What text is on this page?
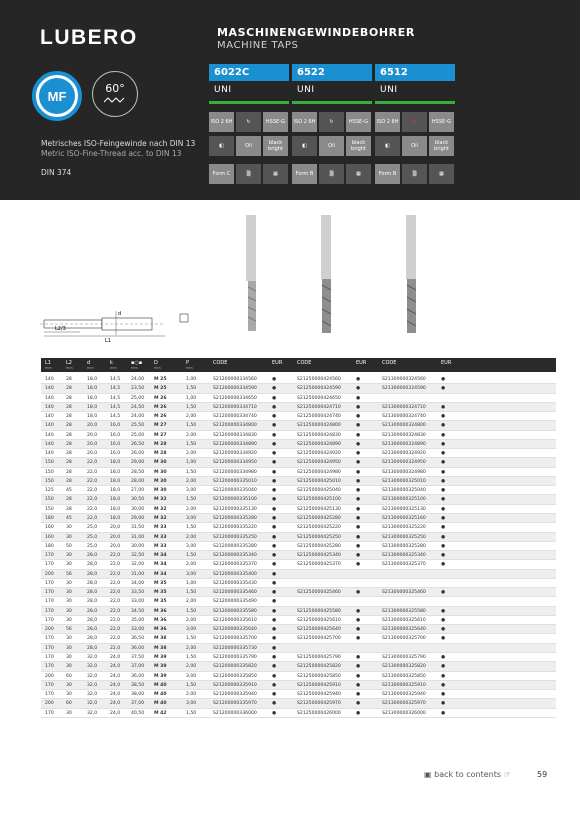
LUBERO	MASCHINENGEWINDEBOHRER
MACHINE TAPS
MF	60°
Metrisches ISO-Feingewinde nach DIN 13
Metric ISO-Fine-Thread acc. to DIN 13
DIN 374
6022C
UNI
6522
UNI
6512
UNI
ISO 2 6H	↻	HSSE-G	ISO 2 6H	↻	HSSE-G	ISO 2 6H	↻	HSSE-G
◧	Oil	black bright	◧	Oil	black bright	◧	Oil	black bright
Form C	▒	▦	Form B	▒	▦	Form B	▒	▦
L1
L2/3
d
L1	L2	d	k	▪○▪ D	P	CODE	EUR	CODE	EUR	CODE	EUR
mm	mm	mm	mm	mm	mm	mm
140	28	18,0	14,5 24,00 M 25	1,00	S21200000334560	●	S21250000424560	●	S21300000324560	●
140	28	18,0	14,5 23,50 M 25	1,50	S21200000334590	●	S21250000424590	●	S21300000324590	●
140	28	18,0	14,5 25,00 M 26	1,00	S21200000334650	●	S21250000424650	●
140	28	18,0	14,5 24,50 M 26	1,50	S21200000334710	●	S21250000424710	●	S21300000324710	●
140	28	18,0	14,5 24,00 M 26	2,00	S21200000334740	●	S21250000424740	●	S21300000324740	●
140	28	20,0	16,0 25,50 M 27	1,50	S21200000334800	●	S21250000424800	●	S21300000324800	●
140	28	20,0	16,0 25,00 M 27	2,00	S21200000334830	●	S21250000424830	●	S21300000324830	●
140	28	20,0	16,0 26,50 M 28	1,50	S21200000334890	●	S21250000424890	●	S21300000324890	●
140	28	20,0	16,0 26,00 M 28	2,00	S21200000334920	●	S21250000424920	●	S21300000324920	●
150	28	22,0	18,0 29,00 M 30	1,00	S21200000334950	●	S21250000424950	●	S21300000324950	●
150	28	22,0	18,0 28,50 M 30	1,50	S21200000334980	●	S21250000424980	●	S21300000324980	●
150	28	22,0	18,0 28,00 M 30	2,00	S21200000335010	●	S21250000425010	●	S21300000325010	●
125	45	22,0	18,0 27,00 M 30	3,00	S21200000335040	●	S21250000425040	●	S21300000325040	●
150	28	22,0	18,0 30,50 M 32	1,50	S21200000335100	●	S21250000425100	●	S21300000325100	●
150	28	22,0	18,0 30,00 M 32	2,00	S21200000335130	●	S21250000425130	●	S21300000325130	●
180	45	22,0	18,0 29,00 M 32	3,00	S21200000335280	●	S21250000425280	●	S21300000325160	●
160	30	25,0	20,0 31,50 M 33	1,50	S21200000335220	●	S21250000425220	●	S21300000325220	●
160	30	25,0	20,0 31,00 M 33	2,00	S21200000335250	●	S21250000425250	●	S21300000325250	●
180	50	25,0	20,0 30,00 M 33	3,00	S21200000335280	●	S21250000425280	●	S21300000325280	●
170	30	28,0	22,0 32,50 M 34	1,50	S21200000335340	●	S21250000425340	●	S21300000325340	●
170	30	28,0	22,0 32,00 M 34	2,00	S21200000335370	●	S21250000425370	●	S21300000325370	●
200	56	28,0	22,0 31,00 M 34	3,00	S21200000335400	●
170	30	28,0	22,0 34,00 M 35	1,00	S21200000335430	●
170	30	28,0	22,0 33,50 M 35	1,50	S21200000335460	●	S21250000425460	●	S21300000325460	●
170	30	28,0	22,0 33,00 M 35	2,00	S21200000335490	●
170	30	28,0	22,0 34,50 M 36	1,50	S21200000335580	●	S21250000425580	●	S21300000325580	●
170	30	28,0	22,0 35,00 M 36	2,00	S21200000335610	●	S21250000425610	●	S21300000325610	●
200	56	28,0	22,0 33,00 M 36	3,00	S21200000335640	●	S21250000425640	●	S21300000325640	●
170	30	28,0	22,0 36,50 M 38	1,50	S21200000335700	●	S21250000425700	●	S21300000325700	●
170	30	28,0	22,0 36,00 M 38	2,00	S21200000335730	●
170	30	32,0	24,0 37,50 M 39	1,50	S21200000335790	●	S21250000425790	●	S21300000325790	●
170	30	32,0	24,0 37,00 M 39	2,00	S21200000335820	●	S21250000425820	●	S21300000325820	●
200	60	32,0	24,0 36,00 M 39	3,00	S21200000335850	●	S21250000425850	●	S21300000325850	●
170	30	32,0	24,0 38,50 M 40	1,50	S21200000335910	●	S21250000425910	●	S21300000325910	●
170	30	32,0	24,0 38,00 M 40	2,00	S21200000335940	●	S21250000425940	●	S21300000325940	●
200	60	32,0	24,0 37,00 M 40	3,00	S21200000335970	●	S21250000425970	●	S21300000325970	●
170	30	32,0	24,0 40,50 M 42	1,50	S21200000336000	●	S21250000426000	●	S21300000326000	●
▣ back to contents ☞	59
